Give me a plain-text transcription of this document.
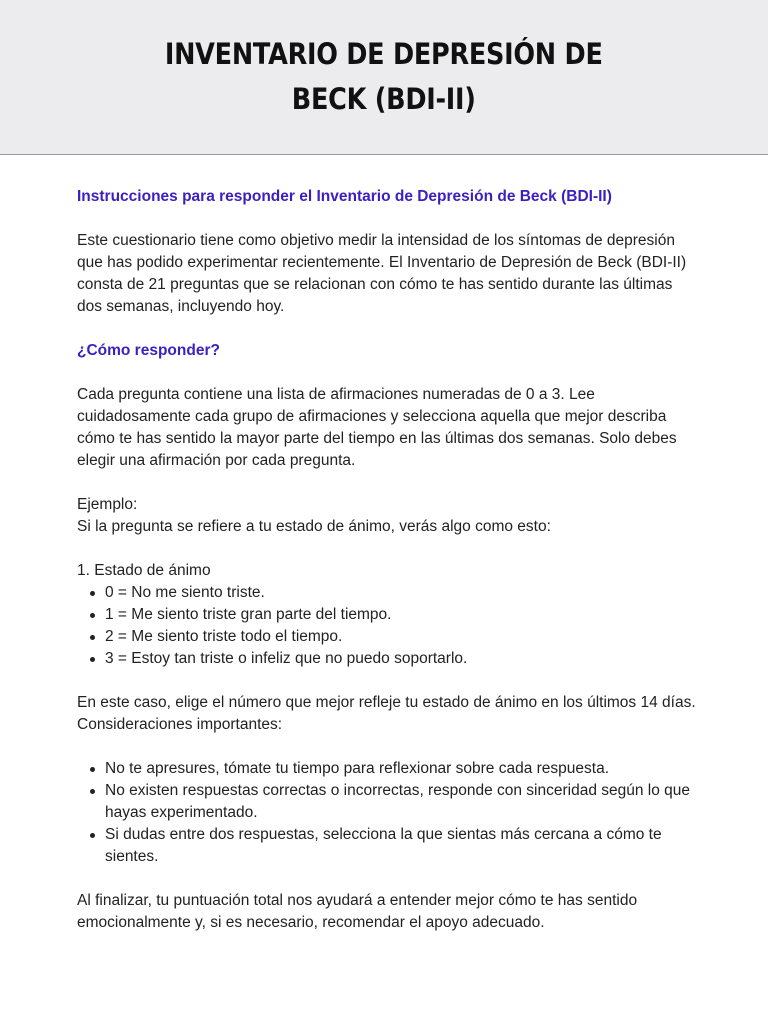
INVENTARIO DE DEPRESIÓN DE
BECK (BDI-II)

Instrucciones para responder el Inventario de Depresión de Beck (BDI-II)

Este cuestionario tiene como objetivo medir la intensidad de los síntomas de depresión que has podido experimentar recientemente. El Inventario de Depresión de Beck (BDI-II) consta de 21 preguntas que se relacionan con cómo te has sentido durante las últimas dos semanas, incluyendo hoy.

¿Cómo responder?

Cada pregunta contiene una lista de afirmaciones numeradas de 0 a 3. Lee cuidadosamente cada grupo de afirmaciones y selecciona aquella que mejor describa cómo te has sentido la mayor parte del tiempo en las últimas dos semanas. Solo debes elegir una afirmación por cada pregunta.

Ejemplo:

Si la pregunta se refiere a tu estado de ánimo, verás algo como esto:

1. Estado de ánimo

0 = No me siento triste.
1 = Me siento triste gran parte del tiempo.
2 = Me siento triste todo el tiempo.
3 = Estoy tan triste o infeliz que no puedo soportarlo.

En este caso, elige el número que mejor refleje tu estado de ánimo en los últimos 14 días.

Consideraciones importantes:

No te apresures, tómate tu tiempo para reflexionar sobre cada respuesta.
No existen respuestas correctas o incorrectas, responde con sinceridad según lo que hayas experimentado.
Si dudas entre dos respuestas, selecciona la que sientas más cercana a cómo te sientes.

Al finalizar, tu puntuación total nos ayudará a entender mejor cómo te has sentido emocionalmente y, si es necesario, recomendar el apoyo adecuado.
